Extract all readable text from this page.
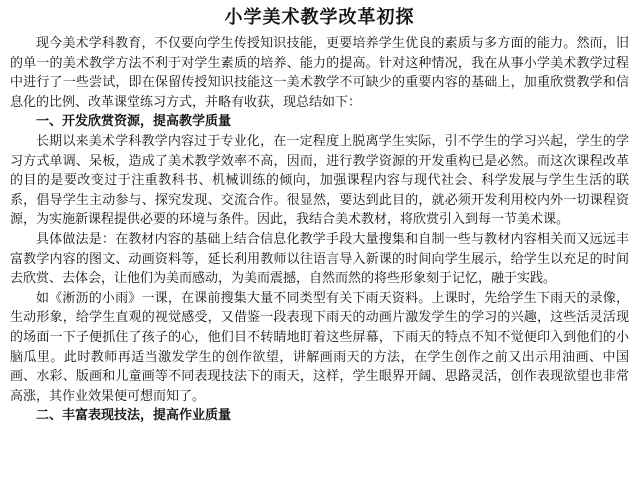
小学美术教学改革初探

现今美术学科教育，不仅要向学生传授知识技能，更要培养学生优良的素质与多方面的能力。然而，旧的单一的美术教学方法不利于对学生素质的培养、能力的提高。针对这种情况，我在从事小学美术教学过程中进行了一些尝试，即在保留传授知识技能这一美术教学不可缺少的重要内容的基础上，加重欣赏教学和信息化的比例、改革课堂练习方式，并略有收获，现总结如下：

一、开发欣赏资源，提高教学质量

长期以来美术学科教学内容过于专业化，在一定程度上脱离学生实际，引不学生的学习兴起，学生的学习方式单调、呆板，造成了美术教学效率不高，因而，进行教学资源的开发重构已是必然。而这次课程改革的目的是要改变过于注重教科书、机械训练的倾向，加强课程内容与现代社会、科学发展与学生生活的联系，倡导学生主动参与、探究发现、交流合作。很显然，要达到此目的，就必须开发利用校内外一切课程资源，为实施新课程提供必要的环境与条件。因此，我结合美术教材，将欣赏引入到每一节美术课。

具体做法是：在教材内容的基础上结合信息化教学手段大量搜集和自制一些与教材内容相关而又远远丰富教学内容的图文、动画资料等，延长利用教师以往语言导入新课的时间向学生展示，给学生以充足的时间去欣赏、去体会，让他们为美而感动，为美而震撼，自然而然的将些形象刻于记忆，融于实践。

如《淅沥的小雨》一课，在课前搜集大量不同类型有关下雨天资料。上课时，先给学生下雨天的录像，生动形象，给学生直观的视觉感受，又借鉴一段表现下雨天的动画片激发学生的学习的兴趣，这些活灵活现的场面一下子便抓住了孩子的心，他们目不转睛地盯着这些屏幕，下雨天的特点不知不觉便印入到他们的小脑瓜里。此时教师再适当激发学生的创作欲望，讲解画雨天的方法，在学生创作之前又出示用油画、中国画、水彩、版画和儿童画等不同表现技法下的雨天，这样，学生眼界开阔、思路灵活，创作表现欲望也非常高涨，其作业效果便可想而知了。

二、丰富表现技法，提高作业质量
